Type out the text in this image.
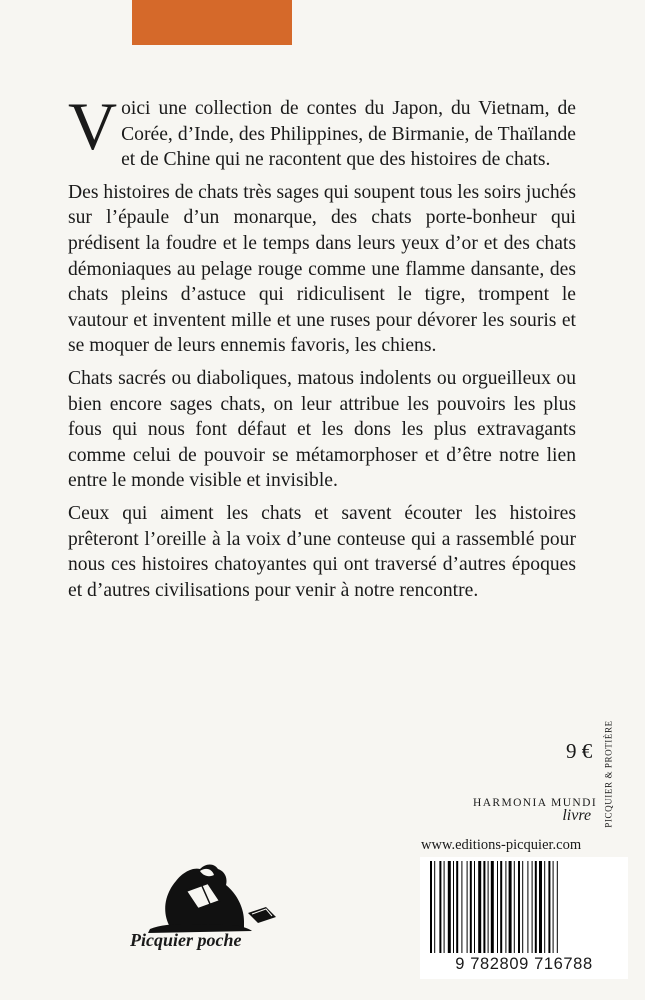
Voici une collection de contes du Japon, du Vietnam, de Corée, d’Inde, des Philippines, de Birmanie, de Thaïlande et de Chine qui ne racontent que des histoires de chats.

Des histoires de chats très sages qui soupent tous les soirs juchés sur l’épaule d’un monarque, des chats porte-bonheur qui prédisent la foudre et le temps dans leurs yeux d’or et des chats démoniaques au pelage rouge comme une flamme dansante, des chats pleins d’astuce qui ridiculisent le tigre, trompent le vautour et inventent mille et une ruses pour dévorer les souris et se moquer de leurs ennemis favoris, les chiens.

Chats sacrés ou diaboliques, matous indolents ou orgueilleux ou bien encore sages chats, on leur attribue les pouvoirs les plus fous qui nous font défaut et les dons les plus extravagants comme celui de pouvoir se métamorphoser et d’être notre lien entre le monde visible et invisible.

Ceux qui aiment les chats et savent écouter les histoires prêteront l’oreille à la voix d’une conteuse qui a rassemblé pour nous ces histoires chatoyantes qui ont traversé d’autres époques et d’autres civilisations pour venir à notre rencontre.

9 € PICQUIER & PROTIÈRE
HARMONIA MUNDI
livre
www.editions-picquier.com
Picquier poche
9 782809 716788
